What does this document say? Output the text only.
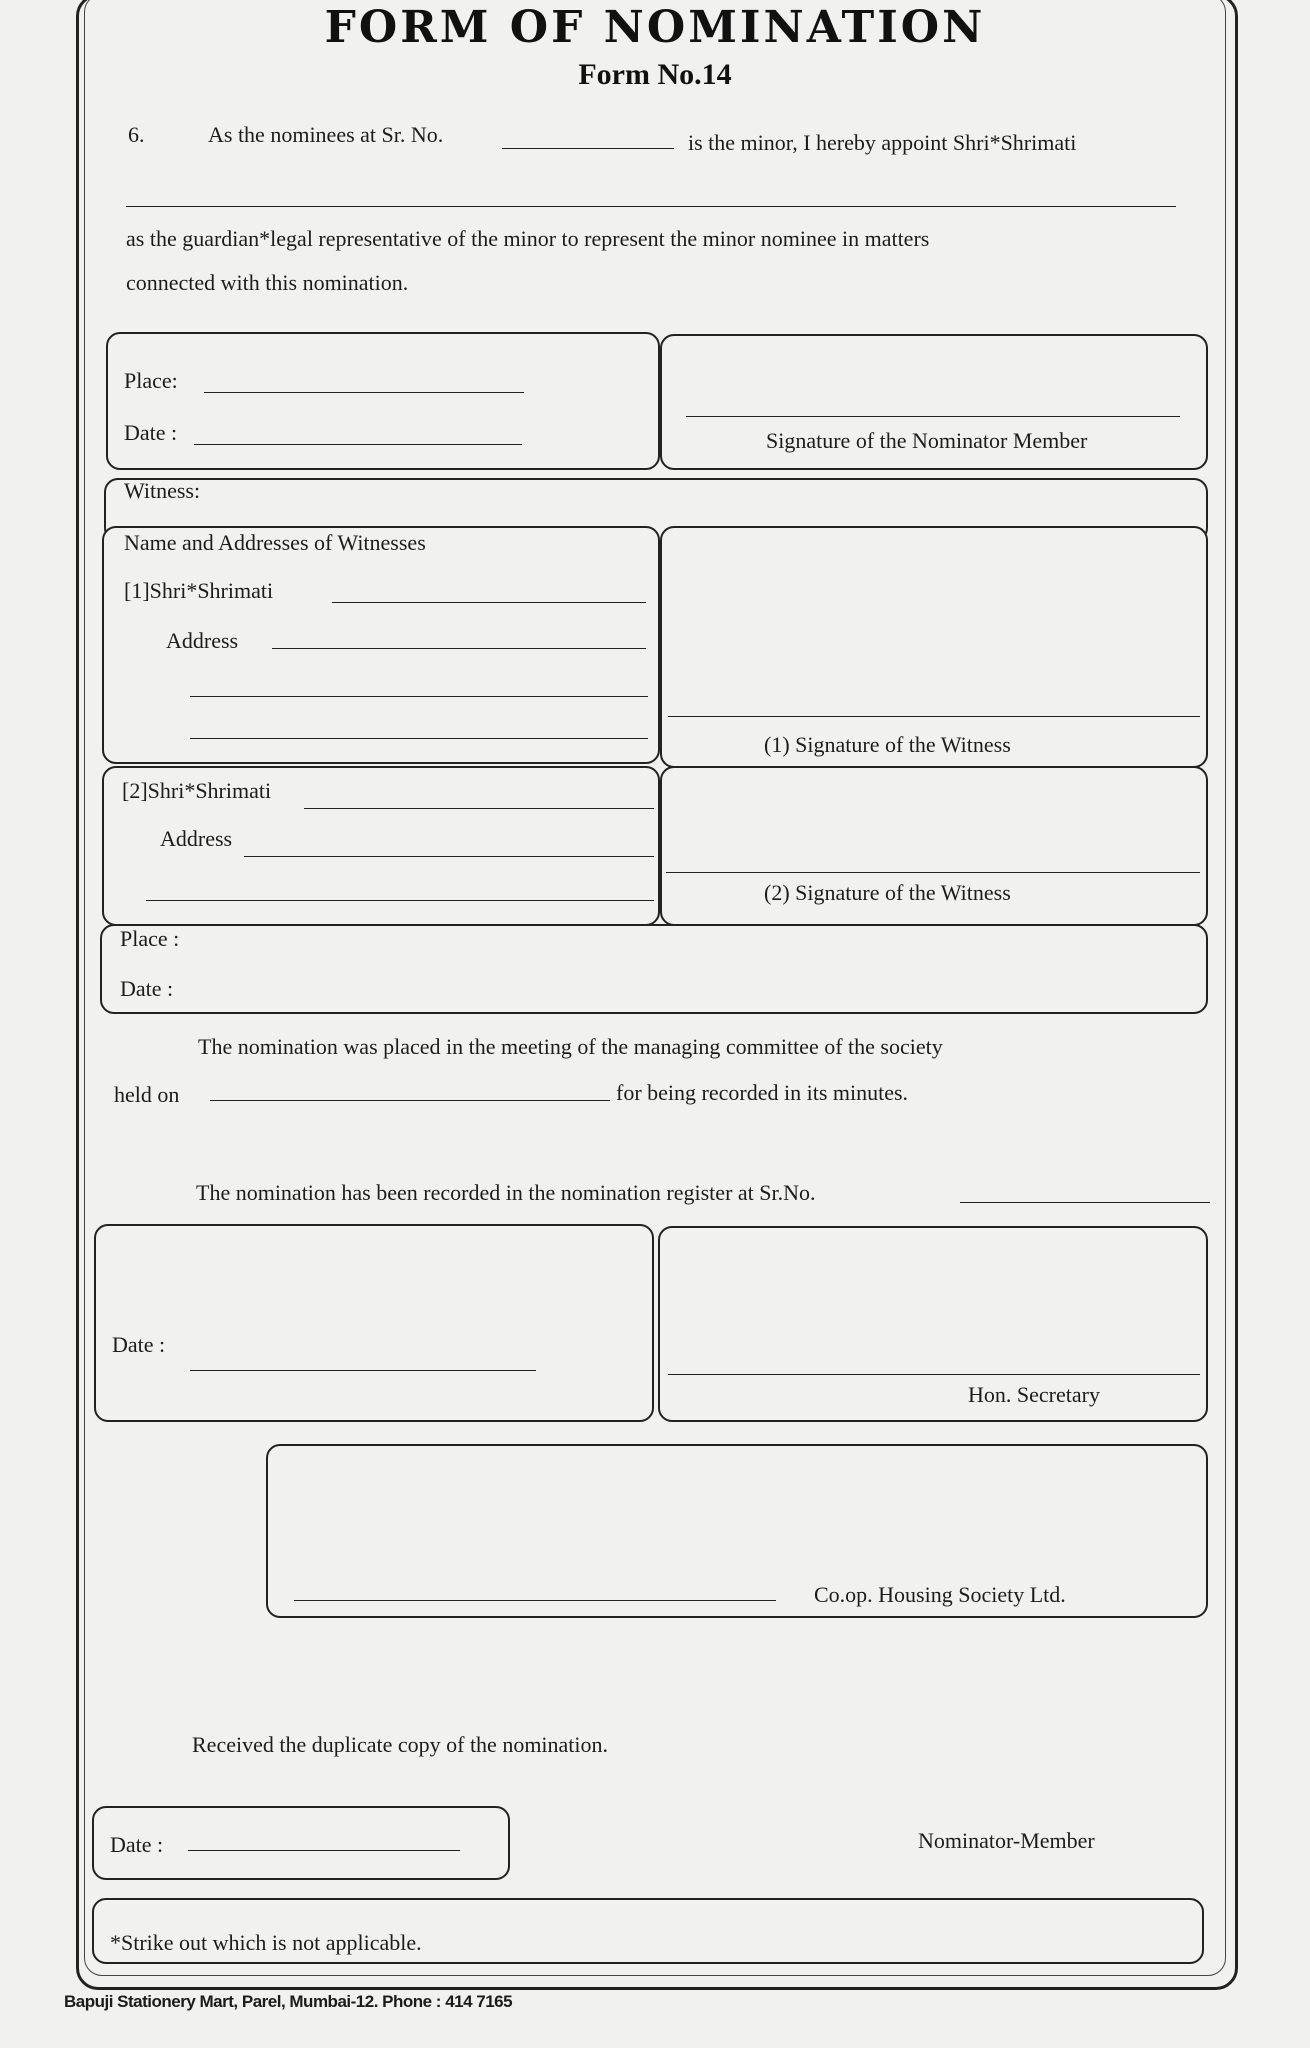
FORM OF NOMINATION
Form No.14
6.	As the nominees at Sr. No.	is the minor, I hereby appoint Shri*Shrimati
as the guardian*legal representative of the minor to represent the minor nominee in matters
connected with this nomination.
Place:
Date :	Signature of the Nominator Member
Witness:
Name and Addresses of Witnesses
[1]Shri*Shrimati
Address
(1) Signature of the Witness
[2]Shri*Shrimati
Address
(2) Signature of the Witness
Place :
Date :
The nomination was placed in the meeting of the managing committee of the society
held on	for being recorded in its minutes.
The nomination has been recorded in the nomination register at Sr.No.
Date :
Hon. Secretary
Co.op. Housing Society Ltd.
Received the duplicate copy of the nomination.
Date :	Nominator-Member
*Strike out which is not applicable.
Bapuji Stationery Mart, Parel, Mumbai-12. Phone : 414 7165
